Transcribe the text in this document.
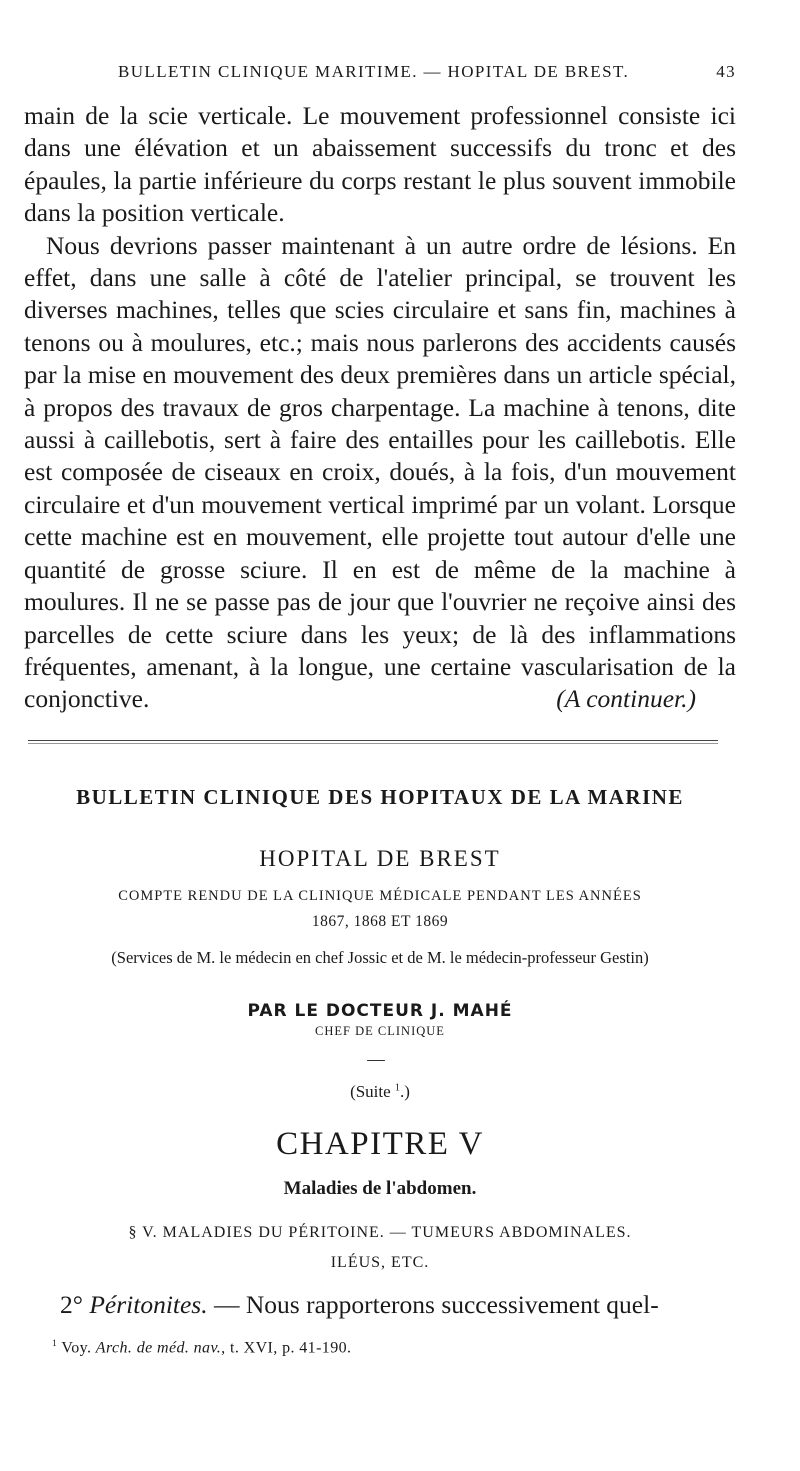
BULLETIN CLINIQUE MARITIME. — HOPITAL DE BREST.	43

main de la scie verticale. Le mouvement professionnel consiste ici dans une élévation et un abaissement successifs du tronc et des épaules, la partie inférieure du corps restant le plus souvent immobile dans la position verticale.

Nous devrions passer maintenant à un autre ordre de lésions. En effet, dans une salle à côté de l'atelier principal, se trouvent les diverses machines, telles que scies circulaire et sans fin, machines à tenons ou à moulures, etc.; mais nous parlerons des accidents causés par la mise en mouvement des deux premières dans un article spécial, à propos des travaux de gros charpentage. La machine à tenons, dite aussi à caillebotis, sert à faire des entailles pour les caillebotis. Elle est composée de ciseaux en croix, doués, à la fois, d'un mouvement circulaire et d'un mouvement vertical imprimé par un volant. Lorsque cette machine est en mouvement, elle projette tout autour d'elle une quantité de grosse sciure. Il en est de même de la machine à moulures. Il ne se passe pas de jour que l'ouvrier ne reçoive ainsi des parcelles de cette sciure dans les yeux; de là des inflammations fréquentes, amenant, à la longue, une certaine vascularisation de la conjonctive.	(A continuer.)

BULLETIN CLINIQUE DES HOPITAUX DE LA MARINE
HOPITAL DE BREST
COMPTE RENDU DE LA CLINIQUE MÉDICALE PENDANT LES ANNÉES
1867, 1868 ET 1869
(Services de M. le médecin en chef Jossic et de M. le médecin-professeur Gestin)
PAR LE DOCTEUR J. MAHÉ
CHEF DE CLINIQUE
(Suite $^1$.)
CHAPITRE V
Maladies de l'abdomen.
§ V. MALADIES DU PÉRITOINE. — TUMEURS ABDOMINALES.
ILÉUS, ETC.
2° Péritonites. — Nous rapporterons successivement quel-
$^1$ Voy. Arch. de méd. nav., t. XVI, p. 41-190.
